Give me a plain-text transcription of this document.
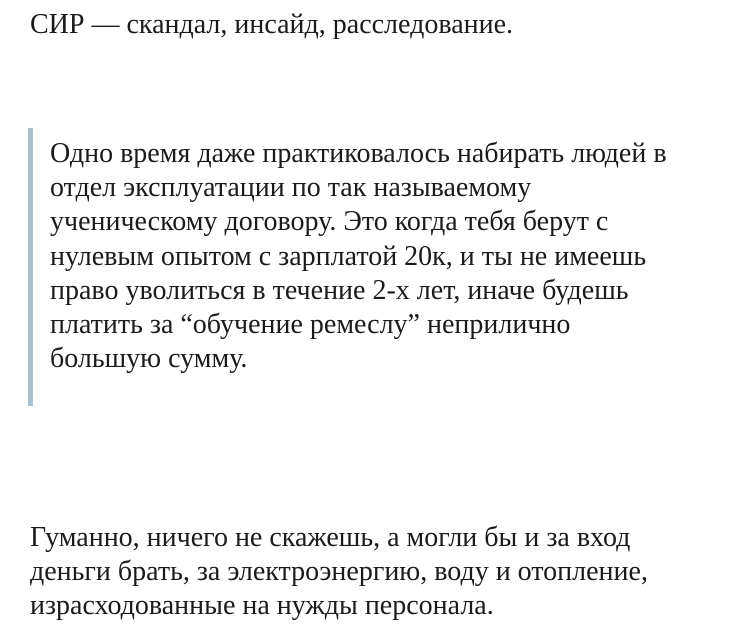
СИР — скандал, инсайд, расследование.

Одно время даже практиковалось набирать людей в
отдел эксплуатации по так называемому
ученическому договору. Это когда тебя берут с
нулевым опытом с зарплатой 20к, и ты не имеешь
право уволиться в течение 2-х лет, иначе будешь
платить за “обучение ремеслу” неприлично
большую сумму.

Гуманно, ничего не скажешь, а могли бы и за вход
деньги брать, за электроэнергию, воду и отопление,
израсходованные на нужды персонала.
